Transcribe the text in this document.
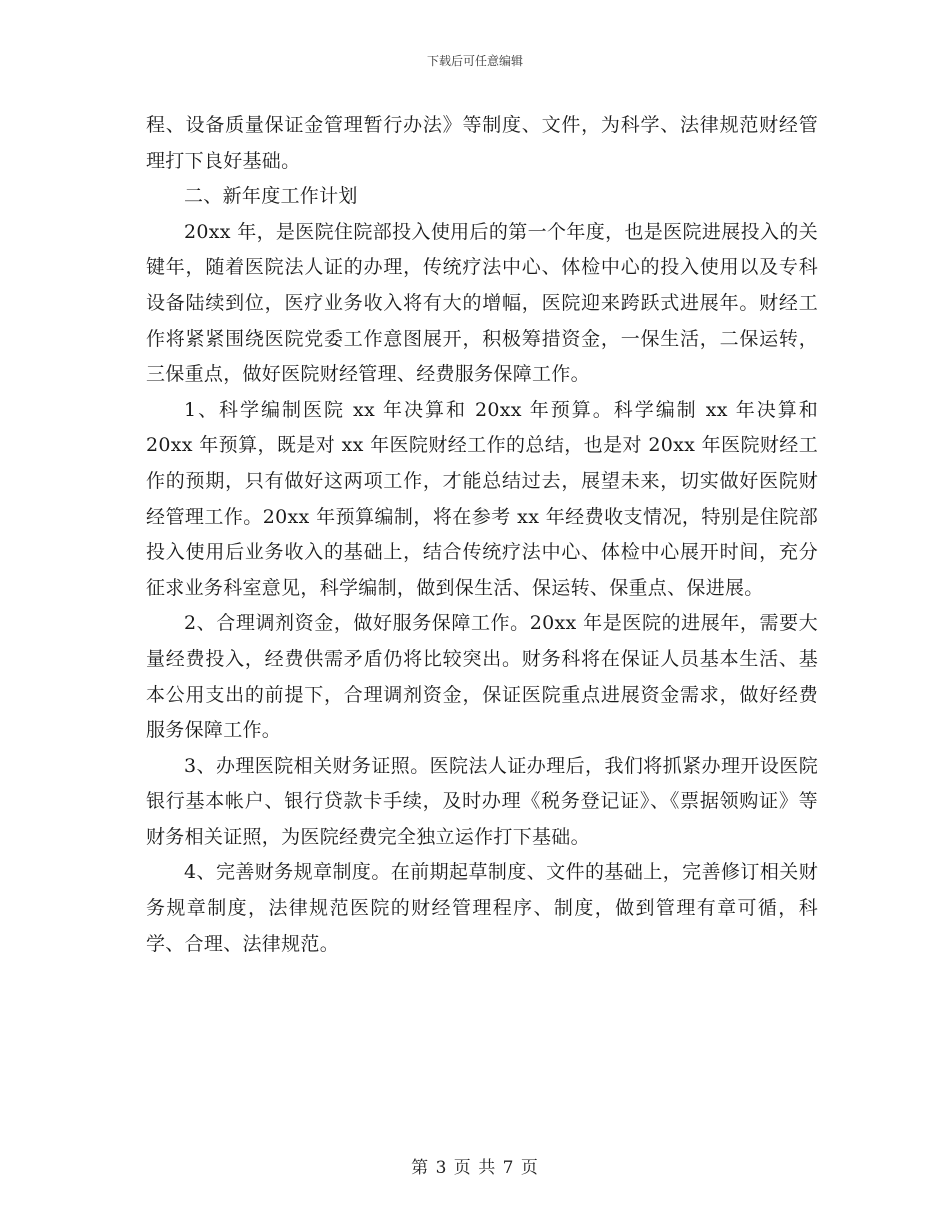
下载后可任意编辑

程、设备质量保证金管理暂行办法》等制度、文件，为科学、法律规范财经管理打下良好基础。

二、新年度工作计划

20xx 年，是医院住院部投入使用后的第一个年度，也是医院进展投入的关键年，随着医院法人证的办理，传统疗法中心、体检中心的投入使用以及专科设备陆续到位，医疗业务收入将有大的增幅，医院迎来跨跃式进展年。财经工作将紧紧围绕医院党委工作意图展开，积极筹措资金，一保生活，二保运转，三保重点，做好医院财经管理、经费服务保障工作。

1、科学编制医院 xx 年决算和 20xx 年预算。科学编制 xx 年决算和 20xx 年预算，既是对 xx 年医院财经工作的总结，也是对 20xx 年医院财经工作的预期，只有做好这两项工作，才能总结过去，展望未来，切实做好医院财经管理工作。20xx 年预算编制，将在参考 xx 年经费收支情况，特别是住院部投入使用后业务收入的基础上，结合传统疗法中心、体检中心展开时间，充分征求业务科室意见，科学编制，做到保生活、保运转、保重点、保进展。

2、合理调剂资金，做好服务保障工作。20xx 年是医院的进展年，需要大量经费投入，经费供需矛盾仍将比较突出。财务科将在保证人员基本生活、基本公用支出的前提下，合理调剂资金，保证医院重点进展资金需求，做好经费服务保障工作。

3、办理医院相关财务证照。医院法人证办理后，我们将抓紧办理开设医院银行基本帐户、银行贷款卡手续，及时办理《税务登记证》、《票据领购证》等财务相关证照，为医院经费完全独立运作打下基础。

4、完善财务规章制度。在前期起草制度、文件的基础上，完善修订相关财务规章制度，法律规范医院的财经管理程序、制度，做到管理有章可循，科学、合理、法律规范。

第 3 页 共 7 页
